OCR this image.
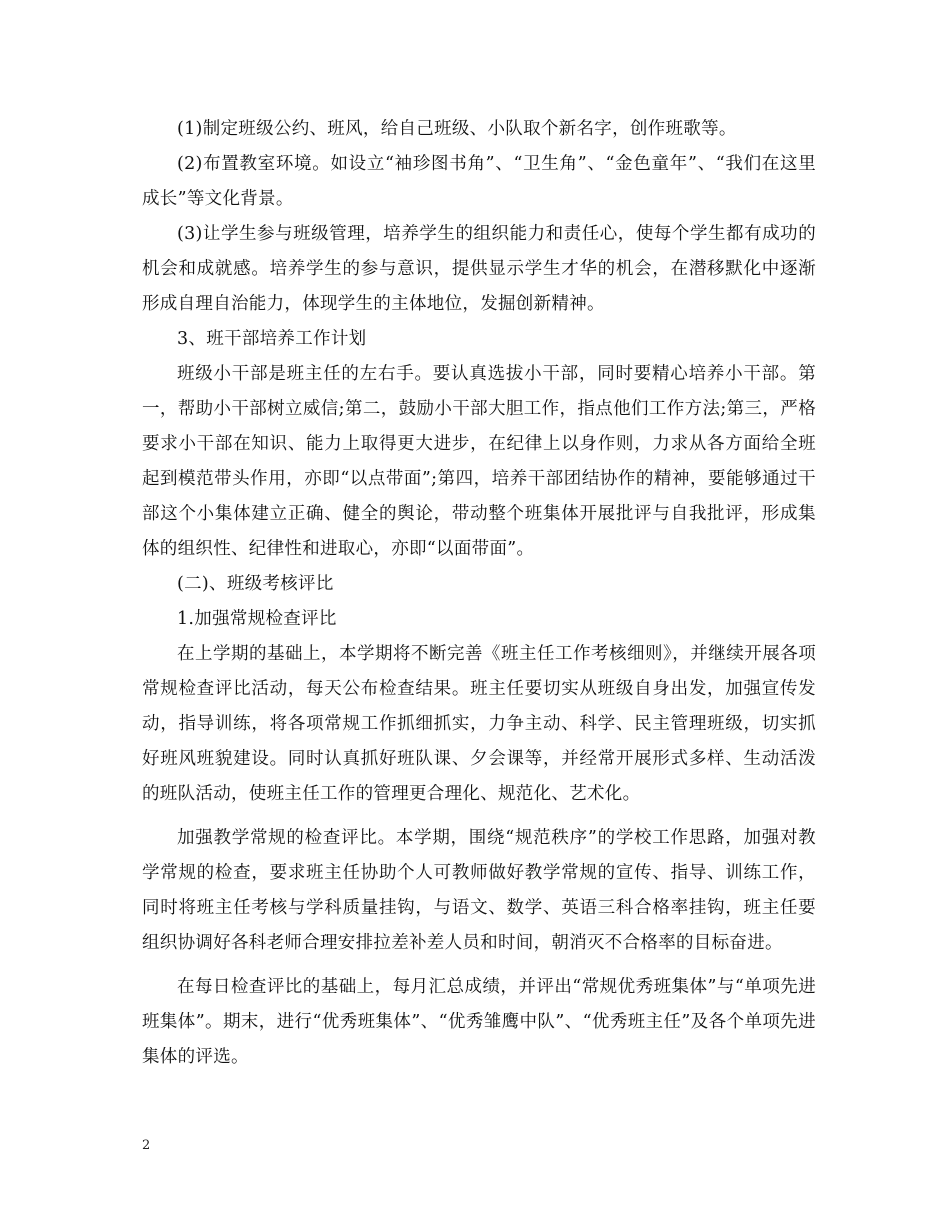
(1)制定班级公约、班风，给自己班级、小队取个新名字，创作班歌等。

(2)布置教室环境。如设立“袖珍图书角”、“卫生角”、“金色童年”、“我们在这里成长”等文化背景。

(3)让学生参与班级管理，培养学生的组织能力和责任心，使每个学生都有成功的机会和成就感。培养学生的参与意识，提供显示学生才华的机会，在潜移默化中逐渐形成自理自治能力，体现学生的主体地位，发掘创新精神。

3、班干部培养工作计划

班级小干部是班主任的左右手。要认真选拔小干部，同时要精心培养小干部。第一，帮助小干部树立威信;第二，鼓励小干部大胆工作，指点他们工作方法;第三，严格要求小干部在知识、能力上取得更大进步，在纪律上以身作则，力求从各方面给全班起到模范带头作用，亦即“以点带面”;第四，培养干部团结协作的精神，要能够通过干部这个小集体建立正确、健全的舆论，带动整个班集体开展批评与自我批评，形成集体的组织性、纪律性和进取心，亦即“以面带面”。

(二)、班级考核评比

1.加强常规检查评比

在上学期的基础上，本学期将不断完善《班主任工作考核细则》，并继续开展各项常规检查评比活动，每天公布检查结果。班主任要切实从班级自身出发，加强宣传发动，指导训练，将各项常规工作抓细抓实，力争主动、科学、民主管理班级，切实抓好班风班貌建设。同时认真抓好班队课、夕会课等，并经常开展形式多样、生动活泼的班队活动，使班主任工作的管理更合理化、规范化、艺术化。

加强教学常规的检查评比。本学期，围绕“规范秩序”的学校工作思路，加强对教学常规的检查，要求班主任协助个人可教师做好教学常规的宣传、指导、训练工作，同时将班主任考核与学科质量挂钩，与语文、数学、英语三科合格率挂钩，班主任要组织协调好各科老师合理安排拉差补差人员和时间，朝消灭不合格率的目标奋进。

在每日检查评比的基础上，每月汇总成绩，并评出“常规优秀班集体”与“单项先进班集体”。期末，进行“优秀班集体”、“优秀雏鹰中队”、“优秀班主任”及各个单项先进集体的评选。

2
